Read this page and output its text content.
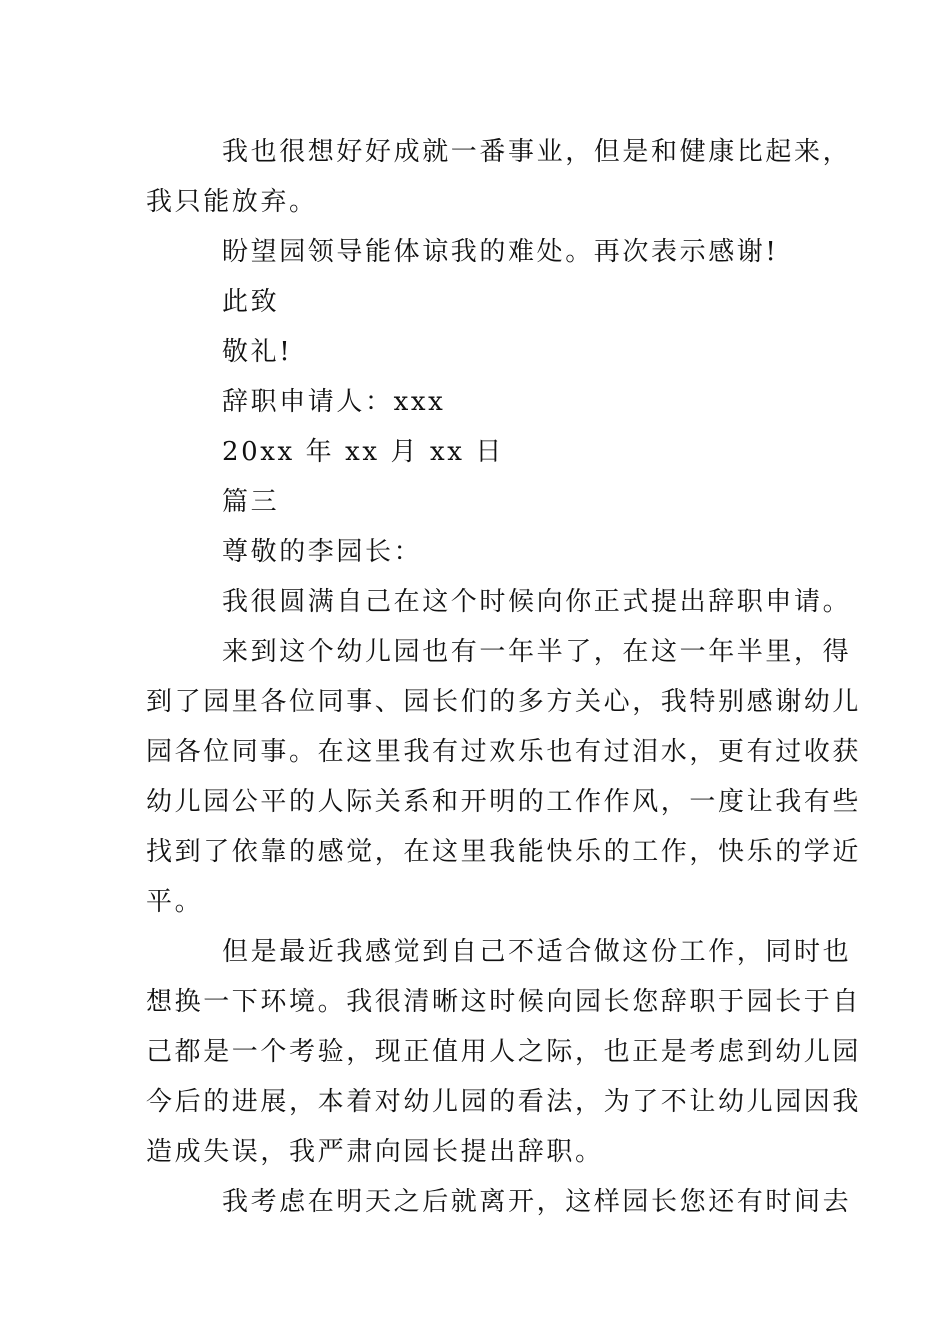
我也很想好好成就一番事业，但是和健康比起来，
我只能放弃。
盼望园领导能体谅我的难处。再次表示感谢!
此致
敬礼!
辞职申请人：xxx
20xx 年 xx 月 xx 日
篇三
尊敬的李园长：
我很圆满自己在这个时候向你正式提出辞职申请。
来到这个幼儿园也有一年半了，在这一年半里，得
到了园里各位同事、园长们的多方关心，我特别感谢幼儿
园各位同事。在这里我有过欢乐也有过泪水，更有过收获
幼儿园公平的人际关系和开明的工作作风，一度让我有些
找到了依靠的感觉，在这里我能快乐的工作，快乐的学近
平。
但是最近我感觉到自己不适合做这份工作，同时也
想换一下环境。我很清晰这时候向园长您辞职于园长于自
己都是一个考验，现正值用人之际，也正是考虑到幼儿园
今后的进展，本着对幼儿园的看法，为了不让幼儿园因我
造成失误，我严肃向园长提出辞职。
我考虑在明天之后就离开，这样园长您还有时间去
